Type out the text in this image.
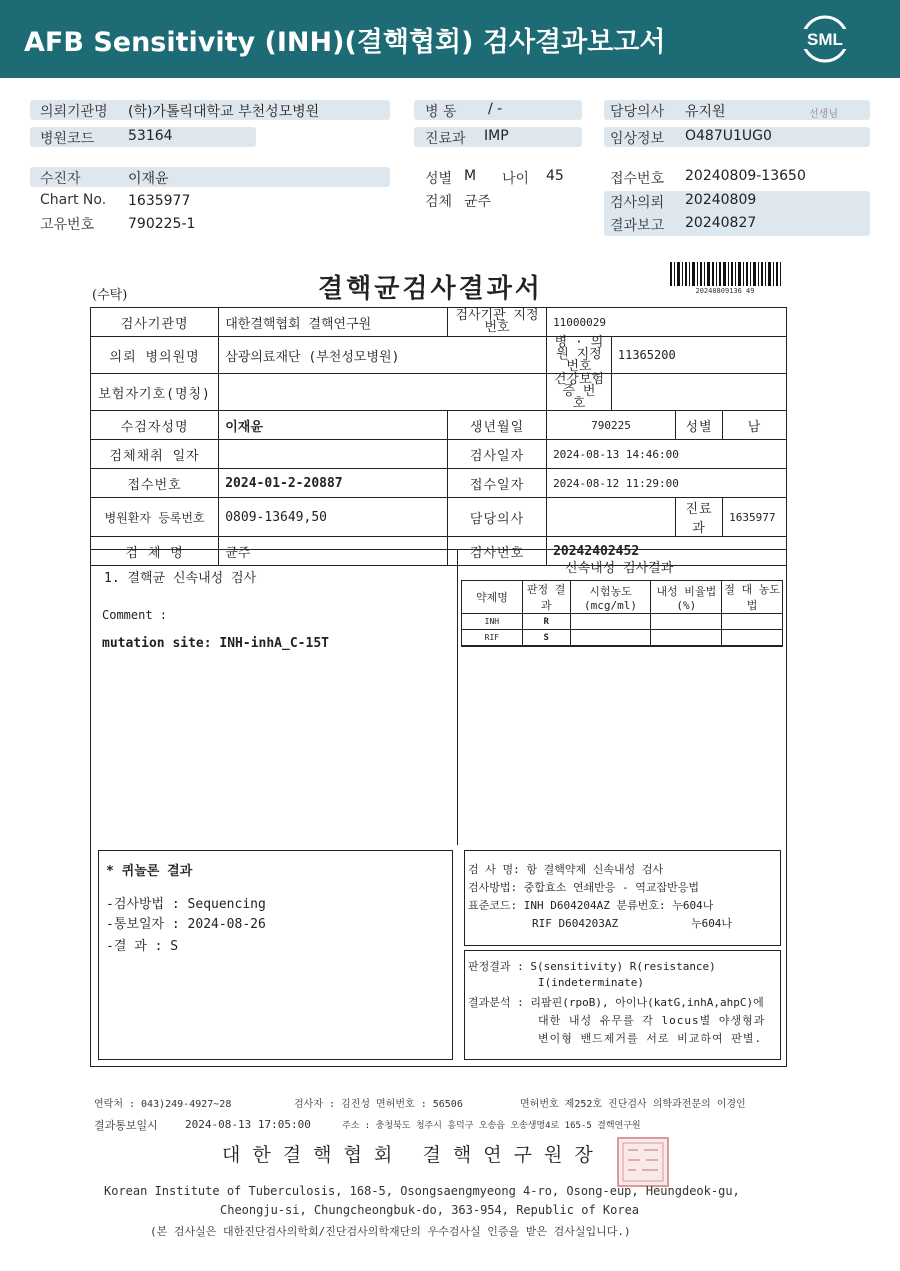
AFB Sensitivity (INH)(결핵협회) 검사결과보고서	SML
의뢰기관명 (학)가톨릭대학교 부천성모병원
병원코드 53164
병 동 / -
진료과 IMP
담당의사 유지원	선생님
임상정보 O487U1UG0
수진자	이재윤
Chart No. 1635977
고유번호 790225-1
성별 M 나이 45
검체 균주
접수번호 20240809-13650
검사의뢰 20240809
결과보고 20240827
(수탁)	결핵균검사결과서	20240809136 49
검사기관명	대한결핵협회 결핵연구원	검사기관 지정번호	11000029			
의뢰 병의원명	삼광의료재단 (부천성모병원)		병 · 의원 지정번호	11365200		
보험자기호(명칭)			건강보험 증 번 호			
수검자성명	이재윤	생년월일	790225		성별	남
검체채취 일자		검사일자	2024-08-13 14:46:00			
접수번호	2024-01-2-20887	접수일자	2024-08-12 11:29:00			
병원환자 등록번호	0809-13649,50	담당의사			진료과	1635977
검 체 명	균주	검사번호	20242402452			
1. 결핵균 신속내성 검사
Comment :
mutation site: INH-inhA_C-15T
신속내성 검사결과
약제명	판정 결과	시험농도 (mcg/ml)	내성 비율법(%)	절 대 농도법
INH	R			
RIF	S			
* 퀴놀론 결과
-검사방법 : Sequencing
-통보일자 : 2024-08-26
-결 과 : S
검 사 명: 항 결핵약제 신속내성 검사
검사방법: 중합효소 연쇄반응 - 역교잡반응법
표준코드: INH D604204AZ 분류번호: 누604나
RIF D604203AZ           누604나
판정결과 : S(sensitivity) R(resistance)
I(indeterminate)
결과분석 : 리팜핀(rpoB), 아이나(katG,inhA,ahpC)에
대한 내성 유무를 각 locus별 야생형과
변이형 밴드제거를 서로 비교하여 판별.
연락처 : 043)249-4927~28	검사자 : 김진성 면허번호 : 56506	면허번호 제252호 진단검사 의학과전문의 이경인
결과통보일시 2024-08-13 17:05:00	주소 : 충청북도 청주시 흥덕구 오송읍 오송생명4로 165-5 결핵연구원
대 한 결 핵 협 회   결 핵 연 구 원 장
Korean Institute of Tuberculosis, 168-5, Osongsaengmyeong 4-ro, Osong-eup, Heungdeok-gu,
Cheongju-si, Chungcheongbuk-do, 363-954, Republic of Korea
(본 검사실은 대한진단검사의학회/진단검사의학재단의 우수검사실 인증을 받은 검사실입니다.)
